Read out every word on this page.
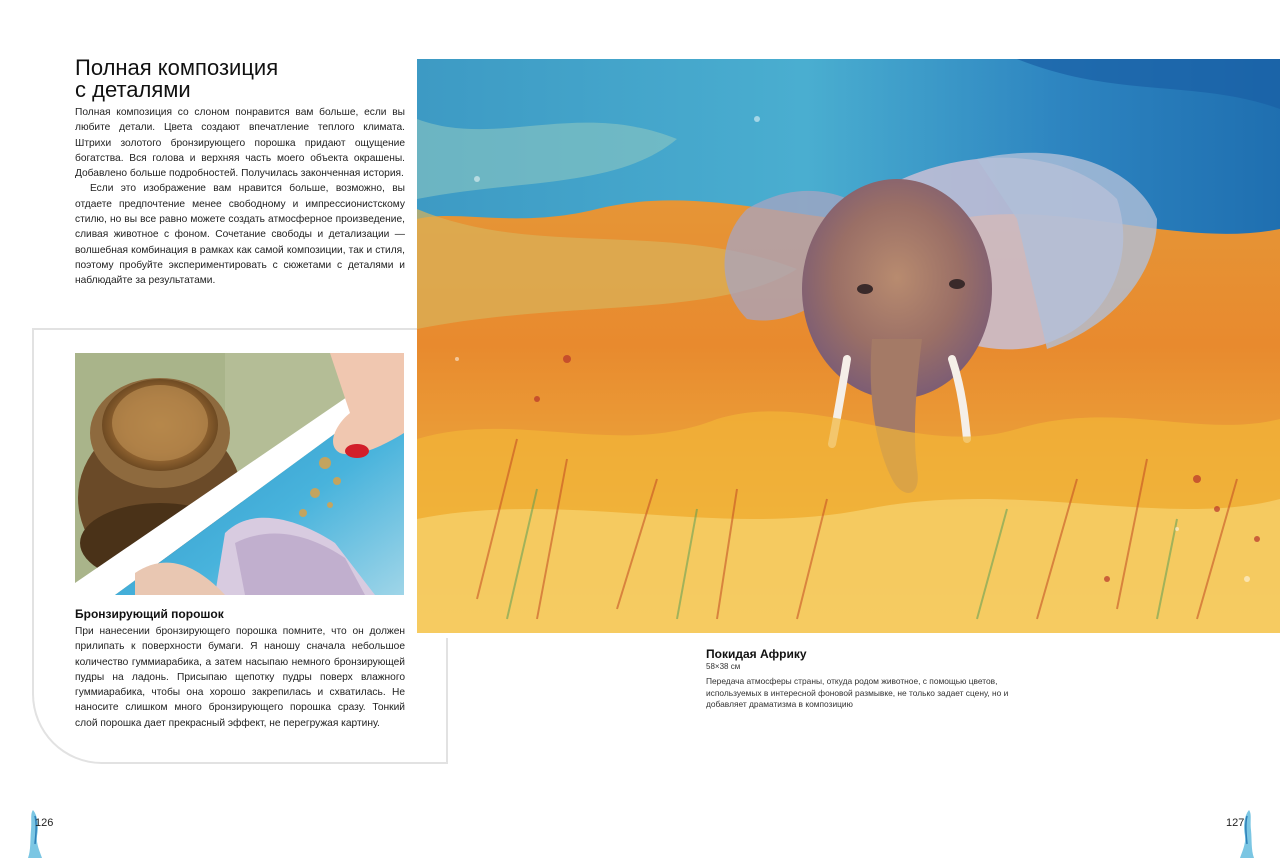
Полная композиция
с деталями

Полная композиция со слоном понравится вам больше, если вы любите детали. Цвета создают впечатление теплого климата. Штрихи золотого бронзирующего порошка придают ощущение богатства. Вся голова и верхняя часть моего объекта окрашены. Добавлено больше подробностей. Получилась законченная история.

Если это изображение вам нравится больше, возможно, вы отдаете предпочтение менее свободному и импрессионистскому стилю, но вы все равно можете создать атмосферное произведение, сливая животное с фоном. Сочетание свободы и детализации — волшебная комбинация в рамках как самой композиции, так и стиля, поэтому пробуйте экспериментировать с сюжетами с деталями и наблюдайте за результатами.

Бронзирующий порошок
При нанесении бронзирующего порошка помните, что он должен прилипать к поверхности бумаги. Я наношу сначала небольшое количество гуммиарабика, а затем насыпаю немного бронзирующей пудры на ладонь. Присыпаю щепотку пудры поверх влажного гуммиарабика, чтобы она хорошо закрепилась и схватилась. Не наносите слишком много бронзирующего порошка сразу. Тонкий слой порошка дает прекрасный эффект, не перегружая картину.
Покидая Африку
58×38 см
Передача атмосферы страны, откуда родом животное, с помощью цветов, используемых в интересной фоновой размывке, не только задает сцену, но и добавляет драматизма в композицию
126	127
